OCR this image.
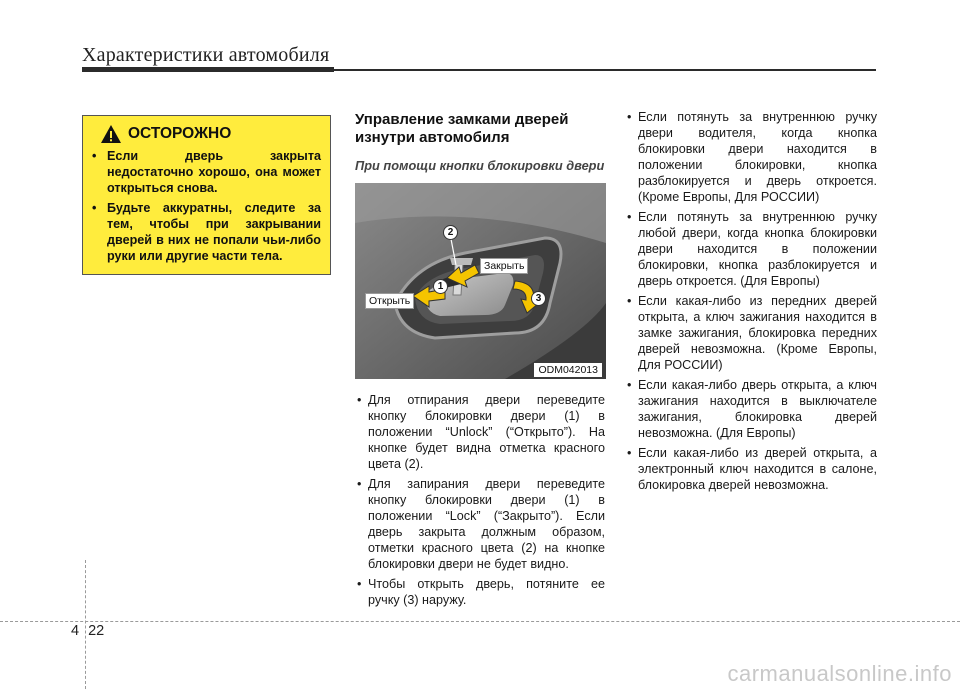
Характеристики автомобиля
ОСТОРОЖНО
• Если дверь закрыта недостаточно хорошо, она может открыться снова.
• Будьте аккуратны, следите за тем, чтобы при закрывании дверей в них не попали чьи-либо руки или другие части тела.
Управление замками дверей изнутри автомобиля
При помощи кнопки блокировки двери
2
1
3
Закрыть
Открыть
ODM042013
• Для отпирания двери переведите кнопку блокировки двери (1) в положении “Unlock” (“Открыто”). На кнопке будет видна отметка красного цвета (2).
• Для запирания двери переведите кнопку блокировки двери (1) в положении “Lock” (“Закрыто”). Если дверь закрыта должным образом, отметки красного цвета (2) на кнопке блокировки двери не будет видно.
• Чтобы открыть дверь, потяните ее ручку (3) наружу.
• Если потянуть за внутреннюю ручку двери водителя, когда кнопка блокировки двери находится в положении блокировки, кнопка разблокируется и дверь откроется. (Кроме Европы, Для РОССИИ)
• Если потянуть за внутреннюю ручку любой двери, когда кнопка блокировки двери находится в положении блокировки, кнопка разблокируется и дверь откроется. (Для Европы)
• Если какая-либо из передних дверей открыта, а ключ зажигания находится в замке зажигания, блокировка передних дверей невозможна. (Кроме Европы, Для РОССИИ)
• Если какая-либо дверь открыта, а ключ зажигания находится в выключателе зажигания, блокировка дверей невозможна. (Для Европы)
• Если какая-либо из дверей открыта, а электронный ключ находится в салоне, блокировка дверей невозможна.
4 22
carmanualsonline.info
